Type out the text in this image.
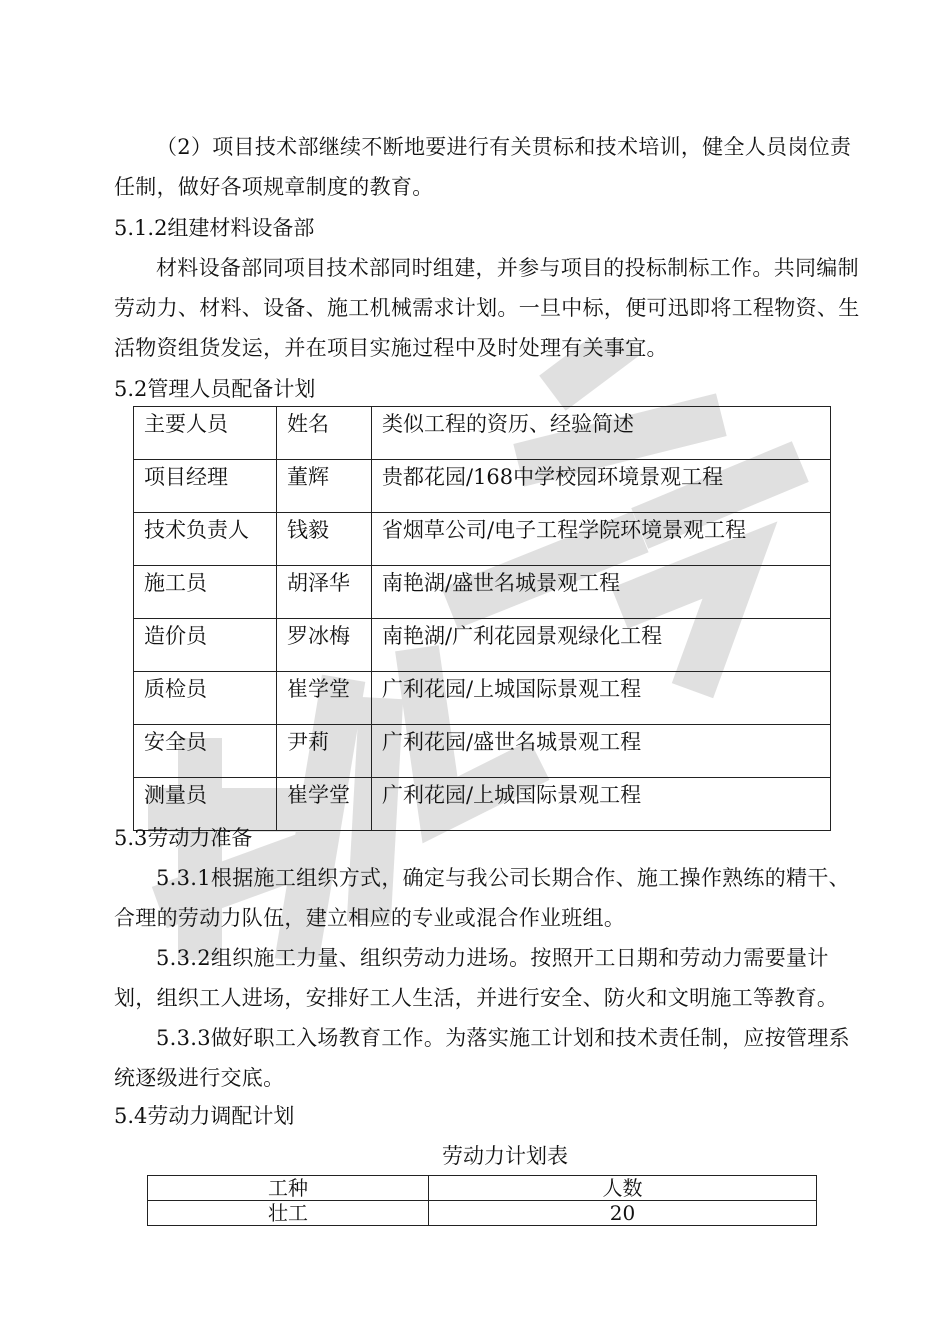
（2）项目技术部继续不断地要进行有关贯标和技术培训，健全人员岗位责任制，做好各项规章制度的教育。

5.1.2组建材料设备部

材料设备部同项目技术部同时组建，并参与项目的投标制标工作。共同编制劳动力、材料、设备、施工机械需求计划。一旦中标，便可迅即将工程物资、生活物资组货发运，并在项目实施过程中及时处理有关事宜。

5.2管理人员配备计划

主要人员	姓名	类似工程的资历、经验简述
项目经理	董辉	贵都花园/168中学校园环境景观工程
技术负责人	钱毅	省烟草公司/电子工程学院环境景观工程
施工员	胡泽华	南艳湖/盛世名城景观工程
造价员	罗冰梅	南艳湖/广利花园景观绿化工程
质检员	崔学堂	广利花园/上城国际景观工程
安全员	尹莉	广利花园/盛世名城景观工程
测量员	崔学堂	广利花园/上城国际景观工程

5.3劳动力准备

5.3.1根据施工组织方式，确定与我公司长期合作、施工操作熟练的精干、合理的劳动力队伍，建立相应的专业或混合作业班组。

5.3.2组织施工力量、组织劳动力进场。按照开工日期和劳动力需要量计划，组织工人进场，安排好工人生活，并进行安全、防火和文明施工等教育。

5.3.3做好职工入场教育工作。为落实施工计划和技术责任制，应按管理系统逐级进行交底。

5.4劳动力调配计划

劳动力计划表

工种	人数
壮工	20
